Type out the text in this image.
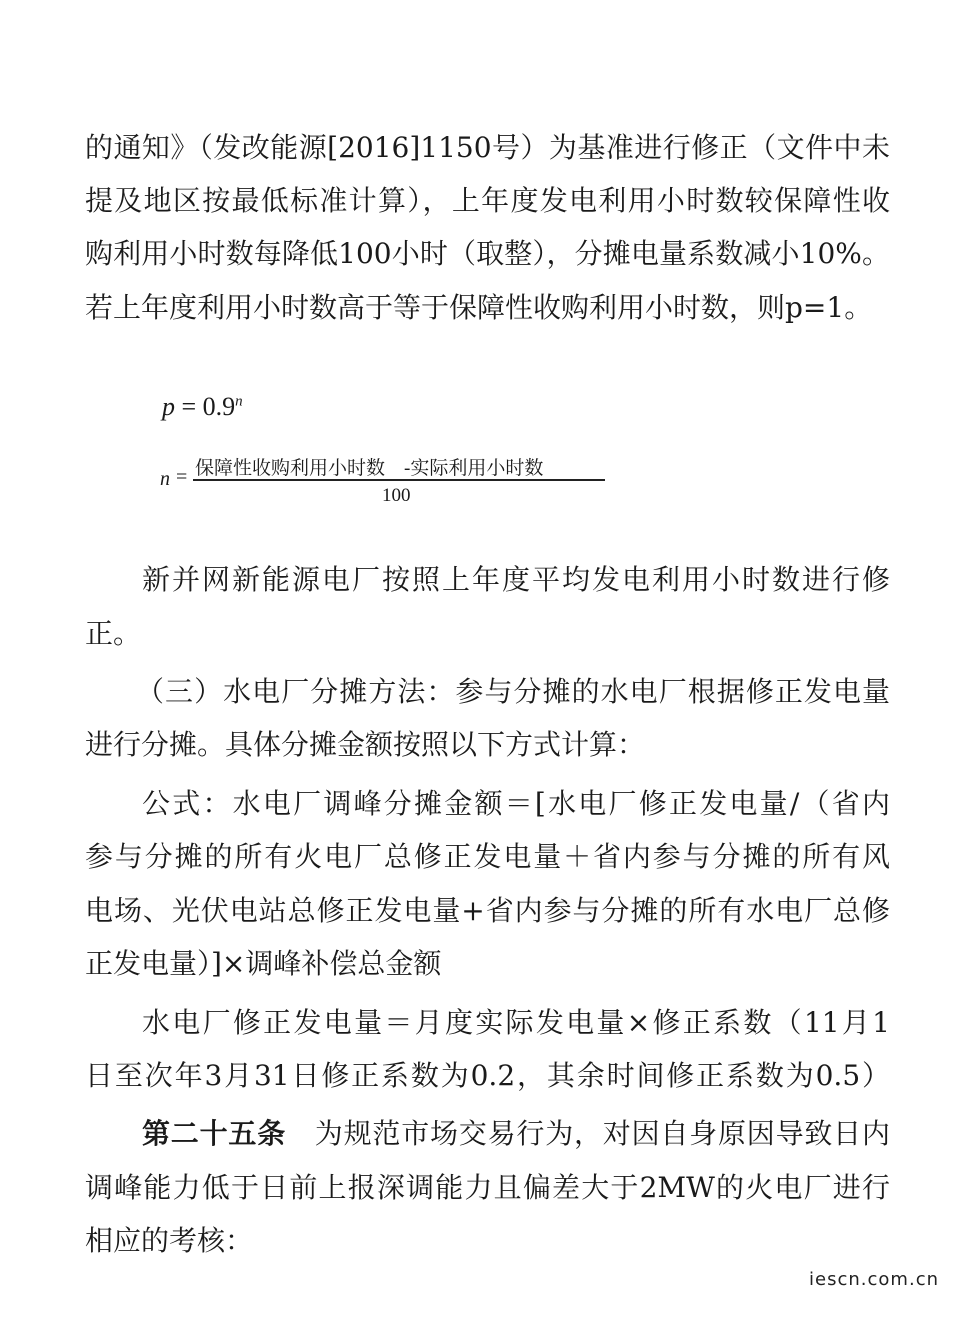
的通知》（发改能源[2016]1150号）为基准进行修正（文件中未
提及地区按最低标准计算），上年度发电利用小时数较保障性收
购利用小时数每降低100小时（取整），分摊电量系数减小10%。
若上年度利用小时数高于等于保障性收购利用小时数，则p=1。
$p = 0.9^n$
n = 保障性收购利用小时数　-实际利用小时数
100
新并网新能源电厂按照上年度平均发电利用小时数进行修
正。
（三）水电厂分摊方法：参与分摊的水电厂根据修正发电量
进行分摊。具体分摊金额按照以下方式计算：
公式：水电厂调峰分摊金额＝[水电厂修正发电量/（省内
参与分摊的所有火电厂总修正发电量＋省内参与分摊的所有风
电场、光伏电站总修正发电量+省内参与分摊的所有水电厂总修
正发电量）]×调峰补偿总金额
水电厂修正发电量＝月度实际发电量×修正系数（11月1
日至次年3月31日修正系数为0.2，其余时间修正系数为0.5）
第二十五条　为规范市场交易行为，对因自身原因导致日内
调峰能力低于日前上报深调能力且偏差大于2MW的火电厂进行
相应的考核：
iescn.com.cn
